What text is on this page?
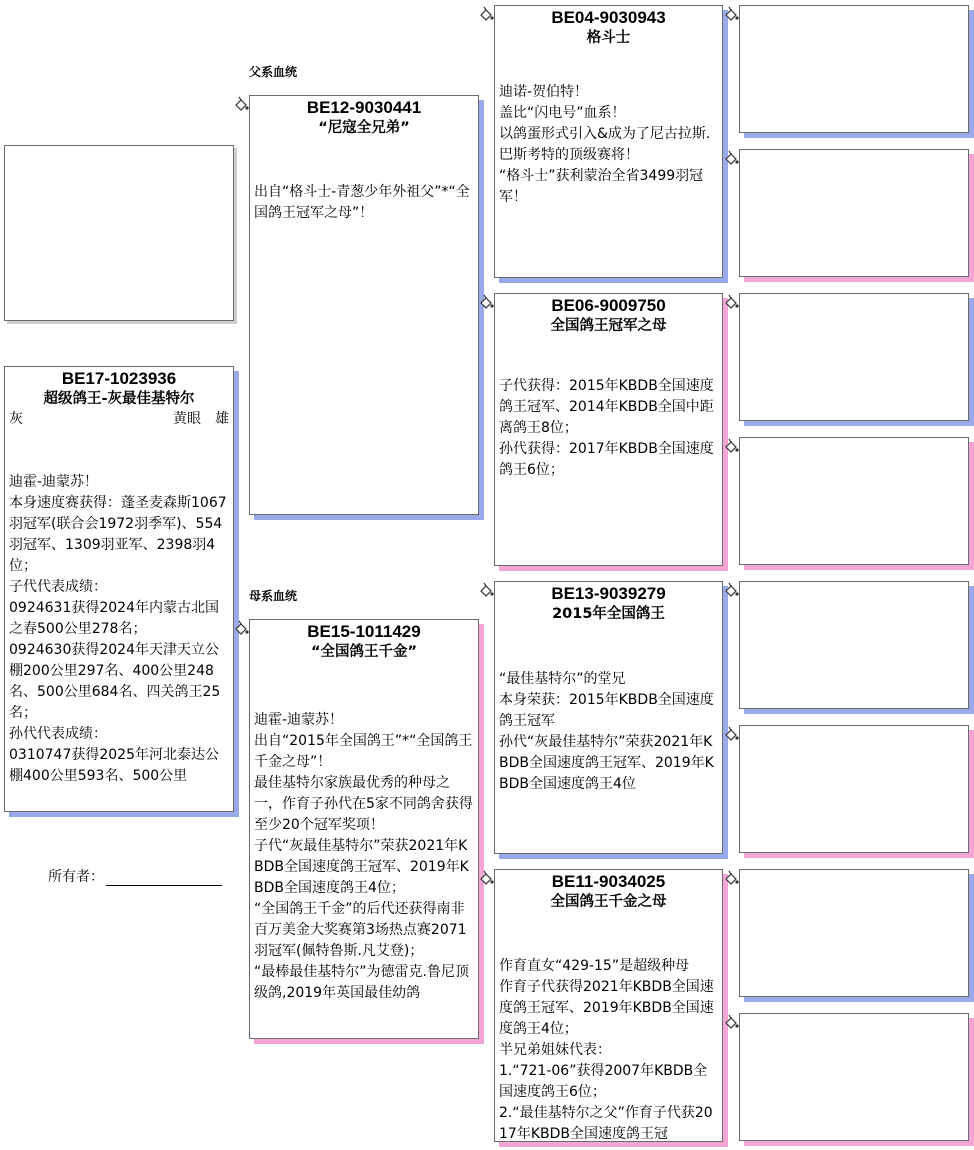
BE17-1023936
超级鸽王-灰最佳基特尔
灰	黄眼　雄
迪霍-迪蒙苏！
本身速度赛获得：蓬圣麦森斯1067羽冠军(联合会1972羽季军)、554羽冠军、1309羽亚军、2398羽4位；
子代代表成绩：
0924631获得2024年内蒙古北国之春500公里278名；
0924630获得2024年天津天立公棚200公里297名、400公里248名、500公里684名、四关鸽王25名；
孙代代表成绩：
0310747获得2025年河北泰达公棚400公里593名、500公里
所有者：
父系血统
母系血统
BE12-9030441
“尼寇全兄弟”
出自“格斗士-青葱少年外祖父”*“全国鸽王冠军之母”！
BE15-1011429
“全国鸽王千金”
迪霍-迪蒙苏！
出自“2015年全国鸽王”*“全国鸽王千金之母”！
最佳基特尔家族最优秀的种母之一，作育子孙代在5家不同鸽舍获得至少20个冠军奖项！
子代“灰最佳基特尔”荣获2021年KBDB全国速度鸽王冠军、2019年KBDB全国速度鸽王4位；
“全国鸽王千金”的后代还获得南非百万美金大奖赛第3场热点赛2071羽冠军(佩特鲁斯.凡艾登)；
“最棒最佳基特尔”为德雷克.鲁尼顶级鸽,2019年英国最佳幼鸽
BE04-9030943
格斗士
迪诺-贺伯特！
盖比“闪电号”血系！
以鸽蛋形式引入&成为了尼古拉斯.巴斯考特的顶级赛将！
“格斗士”获利蒙治全省3499羽冠军！
BE06-9009750
全国鸽王冠军之母
子代获得：2015年KBDB全国速度鸽王冠军、2014年KBDB全国中距离鸽王8位；
孙代获得：2017年KBDB全国速度鸽王6位；
BE13-9039279
2015年全国鸽王
“最佳基特尔”的堂兄
本身荣获：2015年KBDB全国速度鸽王冠军
孙代“灰最佳基特尔”荣获2021年KBDB全国速度鸽王冠军、2019年KBDB全国速度鸽王4位
BE11-9034025
全国鸽王千金之母
作育直女“429-15”是超级种母
作育子代获得2021年KBDB全国速度鸽王冠军、2019年KBDB全国速度鸽王4位；
半兄弟姐妹代表：
1.“721-06”获得2007年KBDB全国速度鸽王6位；
2.“最佳基特尔之父”作育子代获2017年KBDB全国速度鸽王冠
